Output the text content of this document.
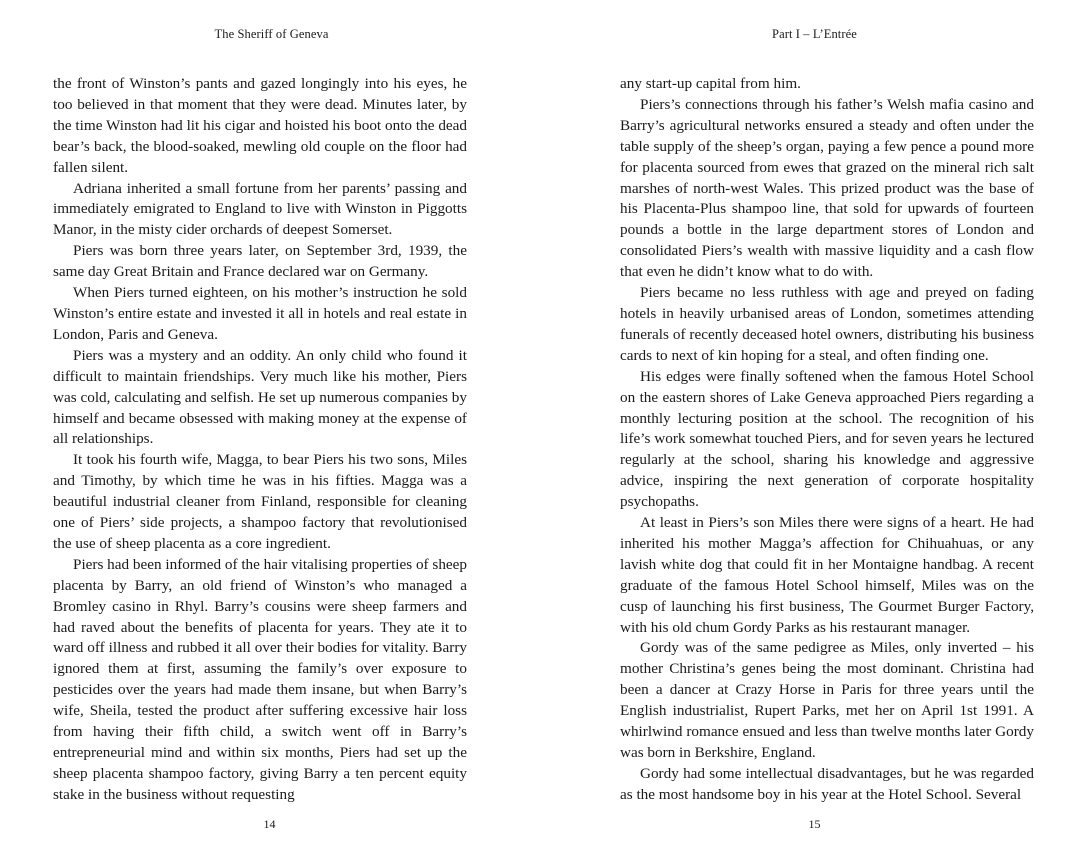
The Sheriff of Geneva

the front of Winston’s pants and gazed longingly into his eyes, he too believed in that moment that they were dead. Minutes later, by the time Winston had lit his cigar and hoisted his boot onto the dead bear’s back, the blood-soaked, mewling old couple on the floor had fallen silent.

Adriana inherited a small fortune from her parents’ passing and immediately emigrated to England to live with Winston in Piggotts Manor, in the misty cider orchards of deepest Somerset.

Piers was born three years later, on September 3rd, 1939, the same day Great Britain and France declared war on Germany.

When Piers turned eighteen, on his mother’s instruction he sold Winston’s entire estate and invested it all in hotels and real estate in London, Paris and Geneva.

Piers was a mystery and an oddity. An only child who found it difficult to maintain friendships. Very much like his mother, Piers was cold, calculating and selfish. He set up numerous companies by himself and became obsessed with making money at the expense of all relationships.

It took his fourth wife, Magga, to bear Piers his two sons, Miles and Timothy, by which time he was in his fifties. Magga was a beautiful industrial cleaner from Finland, responsible for cleaning one of Piers’ side projects, a shampoo factory that revolutionised the use of sheep placenta as a core ingredient.

Piers had been informed of the hair vitalising properties of sheep placenta by Barry, an old friend of Winston’s who managed a Bromley casino in Rhyl. Barry’s cousins were sheep farmers and had raved about the benefits of placenta for years. They ate it to ward off illness and rubbed it all over their bodies for vitality. Barry ignored them at first, assuming the family’s over exposure to pesticides over the years had made them insane, but when Barry’s wife, Sheila, tested the product after suffering excessive hair loss from having their fifth child, a switch went off in Barry’s entrepreneurial mind and within six months, Piers had set up the sheep placenta shampoo factory, giving Barry a ten percent equity stake in the business without requesting

14
Part I – L’Entrée

any start-up capital from him.

Piers’s connections through his father’s Welsh mafia casino and Barry’s agricultural networks ensured a steady and often under the table supply of the sheep’s organ, paying a few pence a pound more for placenta sourced from ewes that grazed on the mineral rich salt marshes of north-west Wales. This prized product was the base of his Placenta-Plus shampoo line, that sold for upwards of fourteen pounds a bottle in the large department stores of London and consolidated Piers’s wealth with massive liquidity and a cash flow that even he didn’t know what to do with.

Piers became no less ruthless with age and preyed on fading hotels in heavily urbanised areas of London, sometimes attending funerals of recently deceased hotel owners, distributing his business cards to next of kin hoping for a steal, and often finding one.

His edges were finally softened when the famous Hotel School on the eastern shores of Lake Geneva approached Piers regarding a monthly lecturing position at the school. The recognition of his life’s work somewhat touched Piers, and for seven years he lectured regularly at the school, sharing his knowledge and aggressive advice, inspiring the next generation of corporate hospitality psychopaths.

At least in Piers’s son Miles there were signs of a heart. He had inherited his mother Magga’s affection for Chihuahuas, or any lavish white dog that could fit in her Montaigne handbag. A recent graduate of the famous Hotel School himself, Miles was on the cusp of launching his first business, The Gourmet Burger Factory, with his old chum Gordy Parks as his restaurant manager.

Gordy was of the same pedigree as Miles, only inverted – his mother Christina’s genes being the most dominant. Christina had been a dancer at Crazy Horse in Paris for three years until the English industrialist, Rupert Parks, met her on April 1st 1991. A whirlwind romance ensued and less than twelve months later Gordy was born in Berkshire, England.

Gordy had some intellectual disadvantages, but he was regarded as the most handsome boy in his year at the Hotel School. Several

15
